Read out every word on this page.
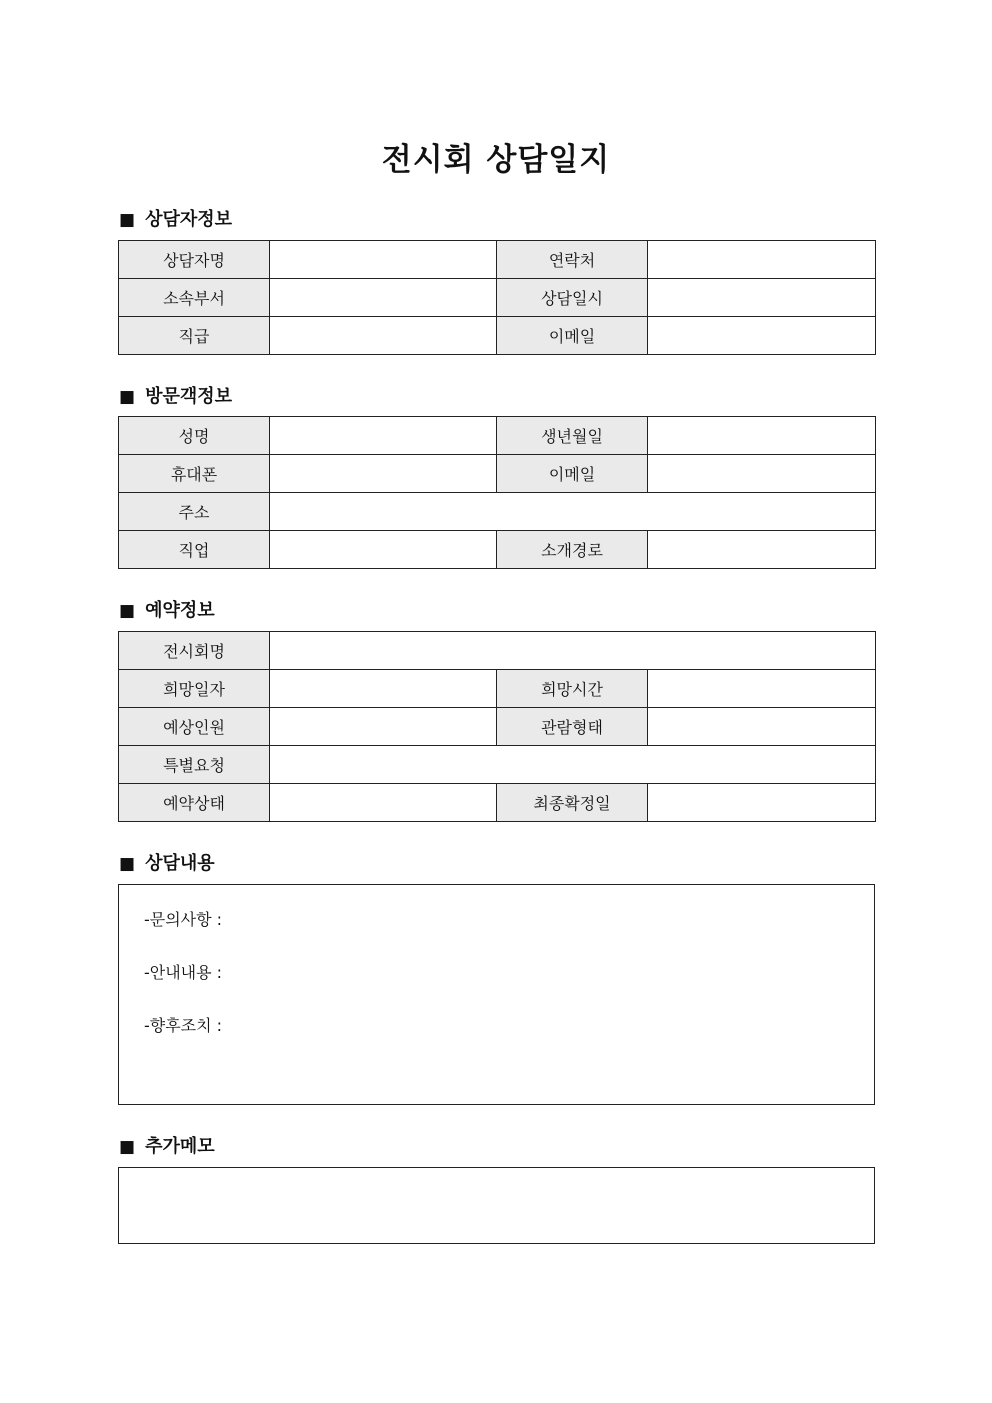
전시회 상담일지
■ 상담자정보
상담자명		연락처	
소속부서		상담일시	
직급		이메일	
■ 방문객정보
성명		생년월일	
휴대폰		이메일	
주소			
직업		소개경로	
■ 예약정보
전시회명			
희망일자		희망시간	
예상인원		관람형태	
특별요청			
예약상태		최종확정일	
■ 상담내용
-문의사항 :
-안내내용 :
-향후조치 :
■ 추가메모
